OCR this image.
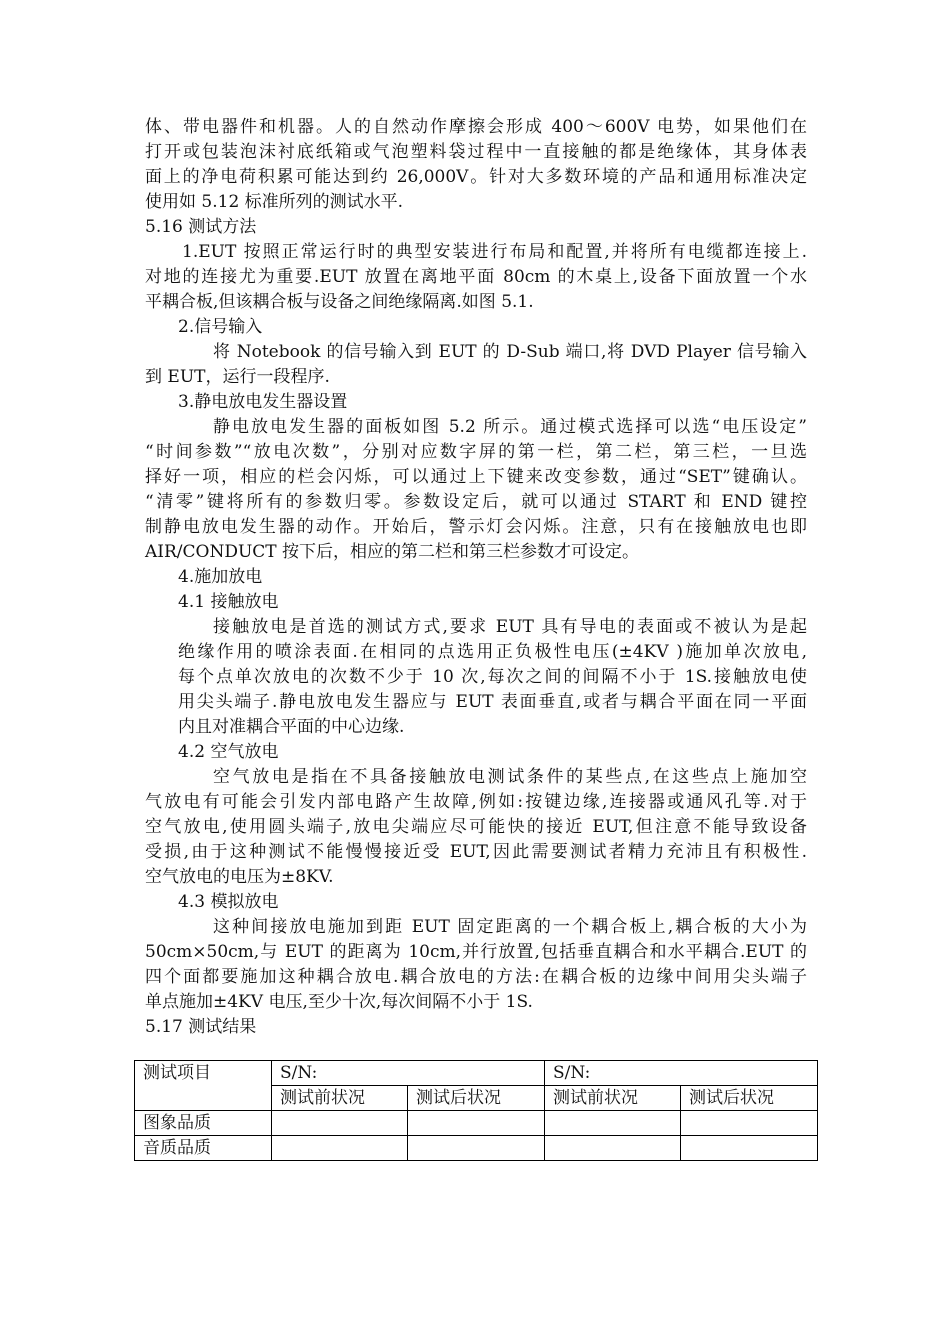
体、带电器件和机器。人的自然动作摩擦会形成 400～600V 电势，如果他们在
打开或包装泡沫衬底纸箱或气泡塑料袋过程中一直接触的都是绝缘体，其身体表
面上的净电荷积累可能达到约 26,000V。针对大多数环境的产品和通用标准决定
使用如 5.12 标准所列的测试水平.
5.16 测试方法
1.EUT 按照正常运行时的典型安装进行布局和配置,并将所有电缆都连接上.
对地的连接尤为重要.EUT 放置在离地平面 80cm 的木桌上,设备下面放置一个水
平耦合板,但该耦合板与设备之间绝缘隔离.如图 5.1.
2.信号输入
将 Notebook 的信号输入到 EUT 的 D-Sub 端口,将 DVD Player 信号输入
到 EUT，运行一段程序.
3.静电放电发生器设置
静电放电发生器的面板如图 5.2 所示。通过模式选择可以选“电压设定”
“时间参数”“放电次数”，分别对应数字屏的第一栏，第二栏，第三栏，一旦选
择好一项，相应的栏会闪烁，可以通过上下键来改变参数，通过“SET”键确认。
“清零”键将所有的参数归零。参数设定后，就可以通过 START 和 END 键控
制静电放电发生器的动作。开始后，警示灯会闪烁。注意，只有在接触放电也即
AIR/CONDUCT 按下后，相应的第二栏和第三栏参数才可设定。
4.施加放电
4.1 接触放电
接触放电是首选的测试方式,要求 EUT 具有导电的表面或不被认为是起
绝缘作用的喷涂表面.在相同的点选用正负极性电压(±4KV )施加单次放电,
每个点单次放电的次数不少于 10 次,每次之间的间隔不小于 1S.接触放电使
用尖头端子.静电放电发生器应与 EUT 表面垂直,或者与耦合平面在同一平面
内且对准耦合平面的中心边缘.
4.2 空气放电
空气放电是指在不具备接触放电测试条件的某些点,在这些点上施加空
气放电有可能会引发内部电路产生故障,例如:按键边缘,连接器或通风孔等.对于
空气放电,使用圆头端子,放电尖端应尽可能快的接近 EUT,但注意不能导致设备
受损,由于这种测试不能慢慢接近受 EUT,因此需要测试者精力充沛且有积极性.
空气放电的电压为±8KV.
4.3 模拟放电
这种间接放电施加到距 EUT 固定距离的一个耦合板上,耦合板的大小为
50cm×50cm,与 EUT 的距离为 10cm,并行放置,包括垂直耦合和水平耦合.EUT 的
四个面都要施加这种耦合放电.耦合放电的方法:在耦合板的边缘中间用尖头端子
单点施加±4KV 电压,至少十次,每次间隔不小于 1S.
5.17 测试结果
测试项目	S/N:		S/N:	
	测试前状况	测试后状况	测试前状况	测试后状况
图象品质				
音质品质				
